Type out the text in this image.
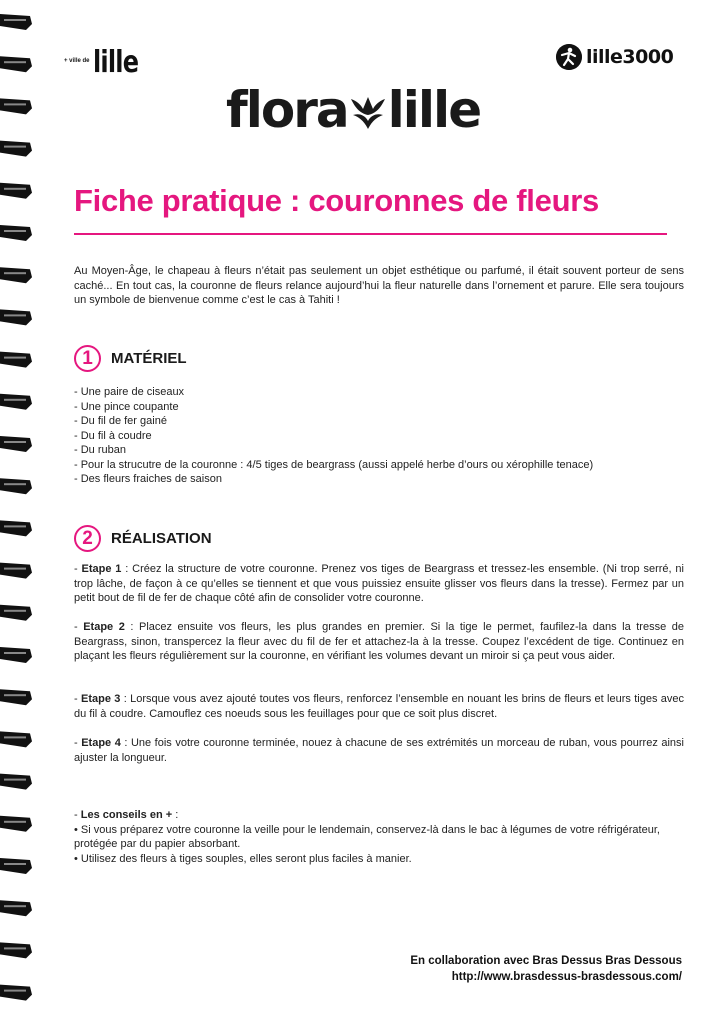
+ ville de lille	lille3000
flora lille
Fiche pratique : couronnes de fleurs
Au Moyen-Âge, le chapeau à fleurs n’était pas seulement un objet esthétique ou parfumé, il était souvent porteur de sens caché... En tout cas, la couronne de fleurs relance aujourd’hui la fleur naturelle dans l’ornement et parure. Elle sera toujours un symbole de bienvenue comme c’est le cas à Tahiti !
1	MATÉRIEL
- Une paire de ciseaux
- Une pince coupante
- Du fil de fer gainé
- Du fil à coudre
- Du ruban
- Pour la strucutre de la couronne : 4/5 tiges de beargrass (aussi appelé herbe d’ours ou xérophille tenace)
- Des fleurs fraiches de saison
2	RÉALISATION
- Etape 1 : Créez la structure de votre couronne. Prenez vos tiges de Beargrass et tressez-les ensemble. (Ni trop serré, ni trop lâche, de façon à ce qu’elles se tiennent et que vous puissiez ensuite glisser vos fleurs dans la tresse). Fermez par un petit bout de fil de fer de chaque côté afin de consolider votre couronne.
- Etape 2 : Placez ensuite vos fleurs, les plus grandes en premier. Si la tige le permet, faufilez-la dans la tresse de Beargrass, sinon, transpercez la fleur avec du fil de fer et attachez-la à la tresse. Coupez l’excédent de tige. Continuez en plaçant les fleurs régulièrement sur la couronne, en vérifiant les volumes devant un miroir si ça peut vous aider.
- Etape 3 : Lorsque vous avez ajouté toutes vos fleurs, renforcez l’ensemble en nouant les brins de fleurs et leurs tiges avec du fil à coudre. Camouflez ces noeuds sous les feuillages pour que ce soit plus discret.
- Etape 4 : Une fois votre couronne terminée, nouez à chacune de ses extrémités un morceau de ruban, vous pourrez ainsi ajuster la longueur.
- Les conseils en + :
• Si vous préparez votre couronne la veille pour le lendemain, conservez-là dans le bac à légumes de votre réfrigérateur, protégée par du papier absorbant.
• Utilisez des fleurs à tiges souples, elles seront plus faciles à manier.
En collaboration avec Bras Dessus Bras Dessous
http://www.brasdessus-brasdessous.com/
